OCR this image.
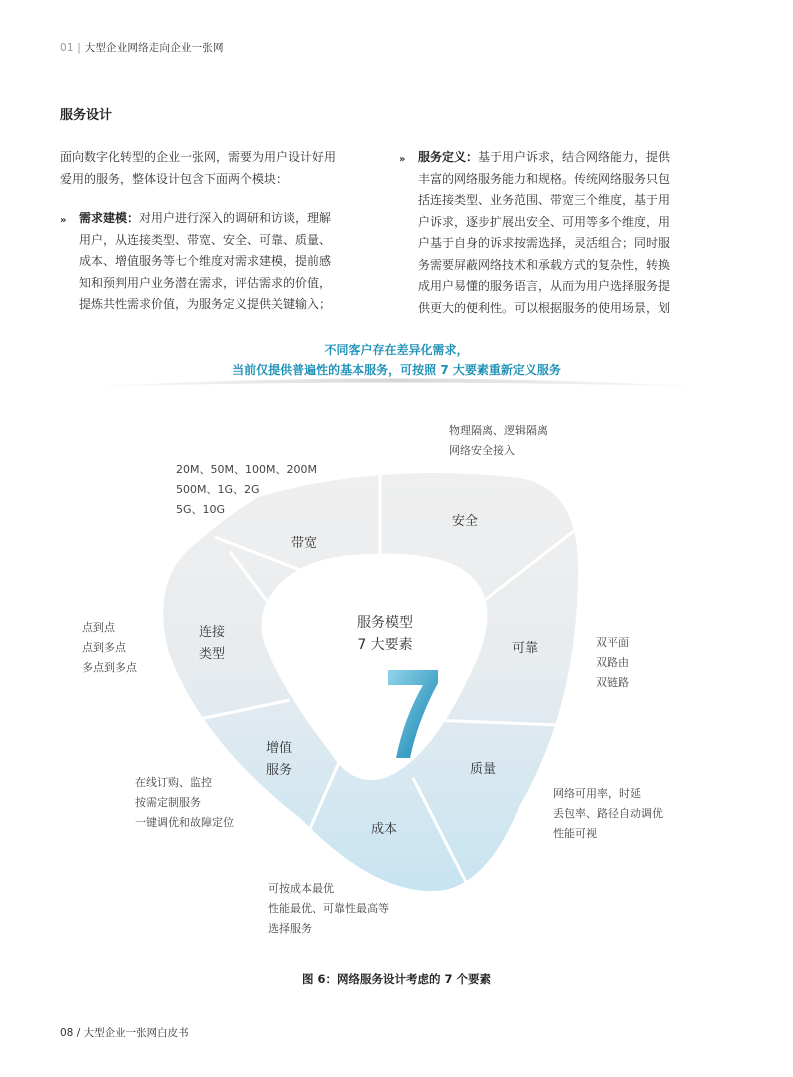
01 | 大型企业网络走向企业一张网
服务设计
面向数字化转型的企业一张网，需要为用户设计好用
爱用的服务，整体设计包含下面两个模块：
» 需求建模：对用户进行深入的调研和访谈，理解
用户，从连接类型、带宽、安全、可靠、质量、
成本、增值服务等七个维度对需求建模，提前感
知和预判用户业务潜在需求，评估需求的价值，
提炼共性需求价值，为服务定义提供关键输入；
» 服务定义：基于用户诉求，结合网络能力，提供
丰富的网络服务能力和规格。传统网络服务只包
括连接类型、业务范围、带宽三个维度，基于用
户诉求，逐步扩展出安全、可用等多个维度，用
户基于自身的诉求按需选择，灵活组合；同时服
务需要屏蔽网络技术和承载方式的复杂性，转换
成用户易懂的服务语言，从而为用户选择服务提
供更大的便利性。可以根据服务的使用场景，划
不同客户存在差异化需求，
当前仅提供普遍性的基本服务，可按照 7 大要素重新定义服务
服务模型
7 大要素
安全
可靠
质量
成本
增值
服务
连接
类型
带宽
物理隔离、逻辑隔离
网络安全接入
20M、50M、100M、200M
500M、1G、2G
5G、10G
点到点
点到多点
多点到多点
双平面
双路由
双链路
网络可用率，时延
丢包率、路径自动调优
性能可视
在线订购、监控
按需定制服务
一键调优和故障定位
可按成本最优
性能最优、可靠性最高等
选择服务
图 6：网络服务设计考虑的 7 个要素
08 / 大型企业一张网白皮书
